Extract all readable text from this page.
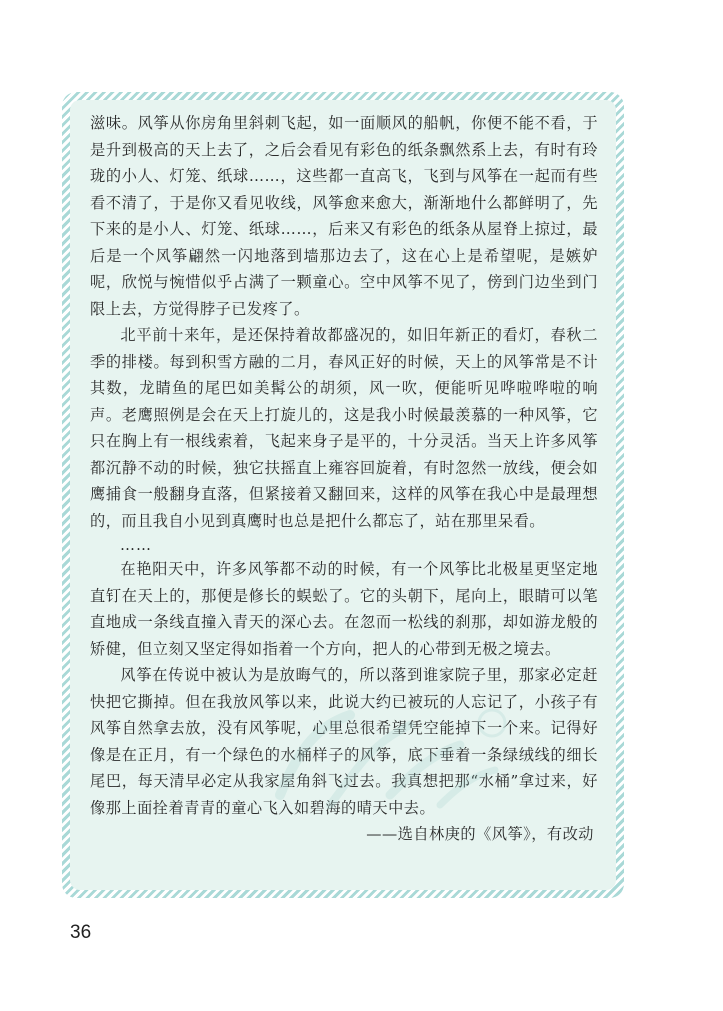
滋味。风筝从你房角里斜刺飞起，如一面顺风的船帆，你便不能不看，于是升到极高的天上去了，之后会看见有彩色的纸条飘然系上去，有时有玲珑的小人、灯笼、纸球……，这些都一直高飞，飞到与风筝在一起而有些看不清了，于是你又看见收线，风筝愈来愈大，渐渐地什么都鲜明了，先下来的是小人、灯笼、纸球……，后来又有彩色的纸条从屋脊上掠过，最后是一个风筝翩然一闪地落到墙那边去了，这在心上是希望呢，是嫉妒呢，欣悦与惋惜似乎占满了一颗童心。空中风筝不见了，傍到门边坐到门限上去，方觉得脖子已发疼了。

北平前十来年，是还保持着故都盛况的，如旧年新正的看灯，春秋二季的排楼。每到积雪方融的二月，春风正好的时候，天上的风筝常是不计其数，龙睛鱼的尾巴如美髯公的胡须，风一吹，便能听见哗啦哗啦的响声。老鹰照例是会在天上打旋儿的，这是我小时候最羡慕的一种风筝，它只在胸上有一根线索着，飞起来身子是平的，十分灵活。当天上许多风筝都沉静不动的时候，独它扶摇直上雍容回旋着，有时忽然一放线，便会如鹰捕食一般翻身直落，但紧接着又翻回来，这样的风筝在我心中是最理想的，而且我自小见到真鹰时也总是把什么都忘了，站在那里呆看。

……

在艳阳天中，许多风筝都不动的时候，有一个风筝比北极星更坚定地直钉在天上的，那便是修长的蜈蚣了。它的头朝下，尾向上，眼睛可以笔直地成一条线直撞入青天的深心去。在忽而一松线的刹那，却如游龙般的矫健，但立刻又坚定得如指着一个方向，把人的心带到无极之境去。

风筝在传说中被认为是放晦气的，所以落到谁家院子里，那家必定赶快把它撕掉。但在我放风筝以来，此说大约已被玩的人忘记了，小孩子有风筝自然拿去放，没有风筝呢，心里总很希望凭空能掉下一个来。记得好像是在正月，有一个绿色的水桶样子的风筝，底下垂着一条绿绒线的细长尾巴，每天清早必定从我家屋角斜飞过去。我真想把那“水桶”拿过来，好像那上面拴着青青的童心飞入如碧海的晴天中去。

——选自林庚的《风筝》，有改动

36
